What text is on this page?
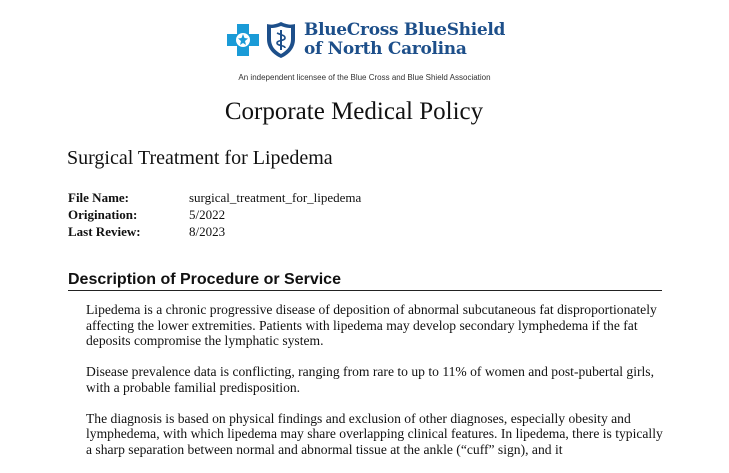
BlueCross BlueShield
of North Carolina
An independent licensee of the Blue Cross and Blue Shield Association
Corporate Medical Policy
Surgical Treatment for Lipedema
File Name:	surgical_treatment_for_lipedema
Origination:	5/2022
Last Review:	8/2023
Description of Procedure or Service

Lipedema is a chronic progressive disease of deposition of abnormal subcutaneous fat disproportionately affecting the lower extremities. Patients with lipedema may develop secondary lymphedema if the fat deposits compromise the lymphatic system.

Disease prevalence data is conflicting, ranging from rare to up to 11% of women and post-pubertal girls, with a probable familial predisposition.

The diagnosis is based on physical findings and exclusion of other diagnoses, especially obesity and lymphedema, with which lipedema may share overlapping clinical features. In lipedema, there is typically a sharp separation between normal and abnormal tissue at the ankle (“cuff” sign), and it
